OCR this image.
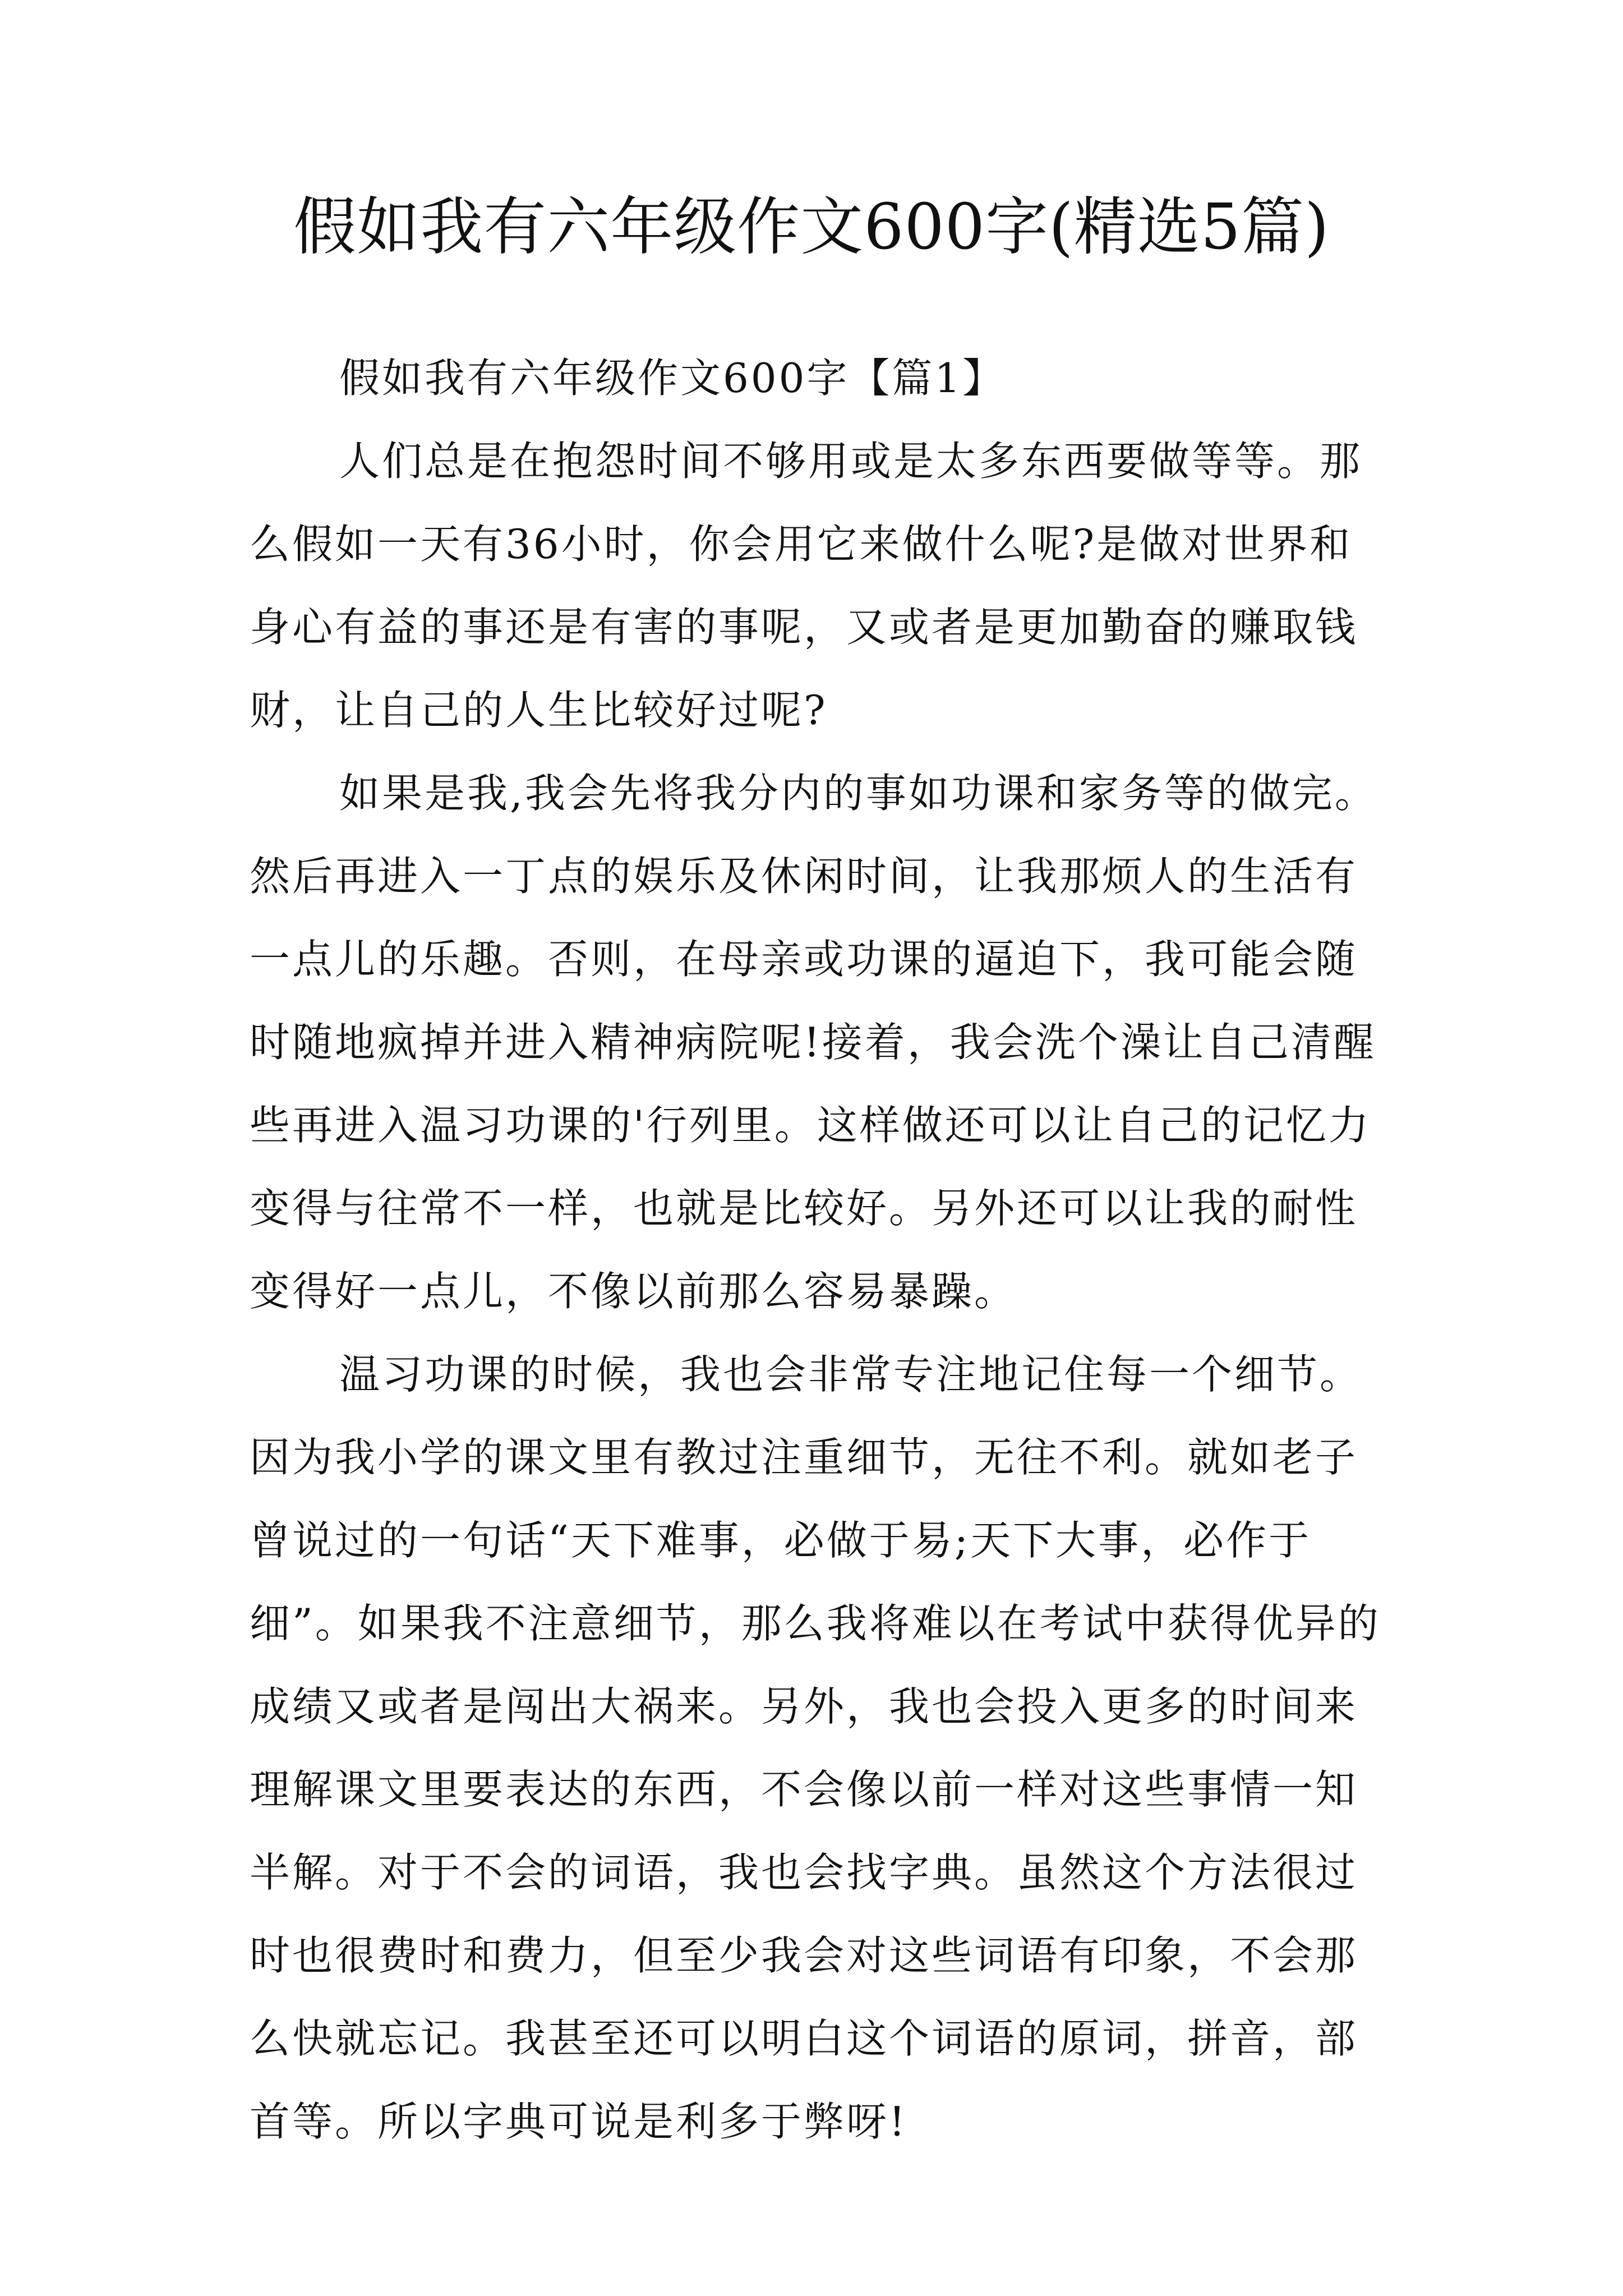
假如我有六年级作文600字(精选5篇)

假如我有六年级作文600字【篇1】

人们总是在抱怨时间不够用或是太多东西要做等等。那么假如一天有36小时，你会用它来做什么呢?是做对世界和身心有益的事还是有害的事呢，又或者是更加勤奋的赚取钱财，让自己的人生比较好过呢?

如果是我,我会先将我分内的事如功课和家务等的做完。然后再进入一丁点的娱乐及休闲时间，让我那烦人的生活有一点儿的乐趣。否则，在母亲或功课的逼迫下，我可能会随时随地疯掉并进入精神病院呢!接着，我会洗个澡让自己清醒些再进入温习功课的'行列里。这样做还可以让自己的记忆力变得与往常不一样，也就是比较好。另外还可以让我的耐性变得好一点儿，不像以前那么容易暴躁。

温习功课的时候，我也会非常专注地记住每一个细节。因为我小学的课文里有教过注重细节，无往不利。就如老子曾说过的一句话“天下难事，必做于易;天下大事，必作于细”。如果我不注意细节，那么我将难以在考试中获得优异的成绩又或者是闯出大祸来。另外，我也会投入更多的时间来理解课文里要表达的东西，不会像以前一样对这些事情一知半解。对于不会的词语，我也会找字典。虽然这个方法很过时也很费时和费力，但至少我会对这些词语有印象，不会那么快就忘记。我甚至还可以明白这个词语的原词，拼音，部首等。所以字典可说是利多于弊呀!
